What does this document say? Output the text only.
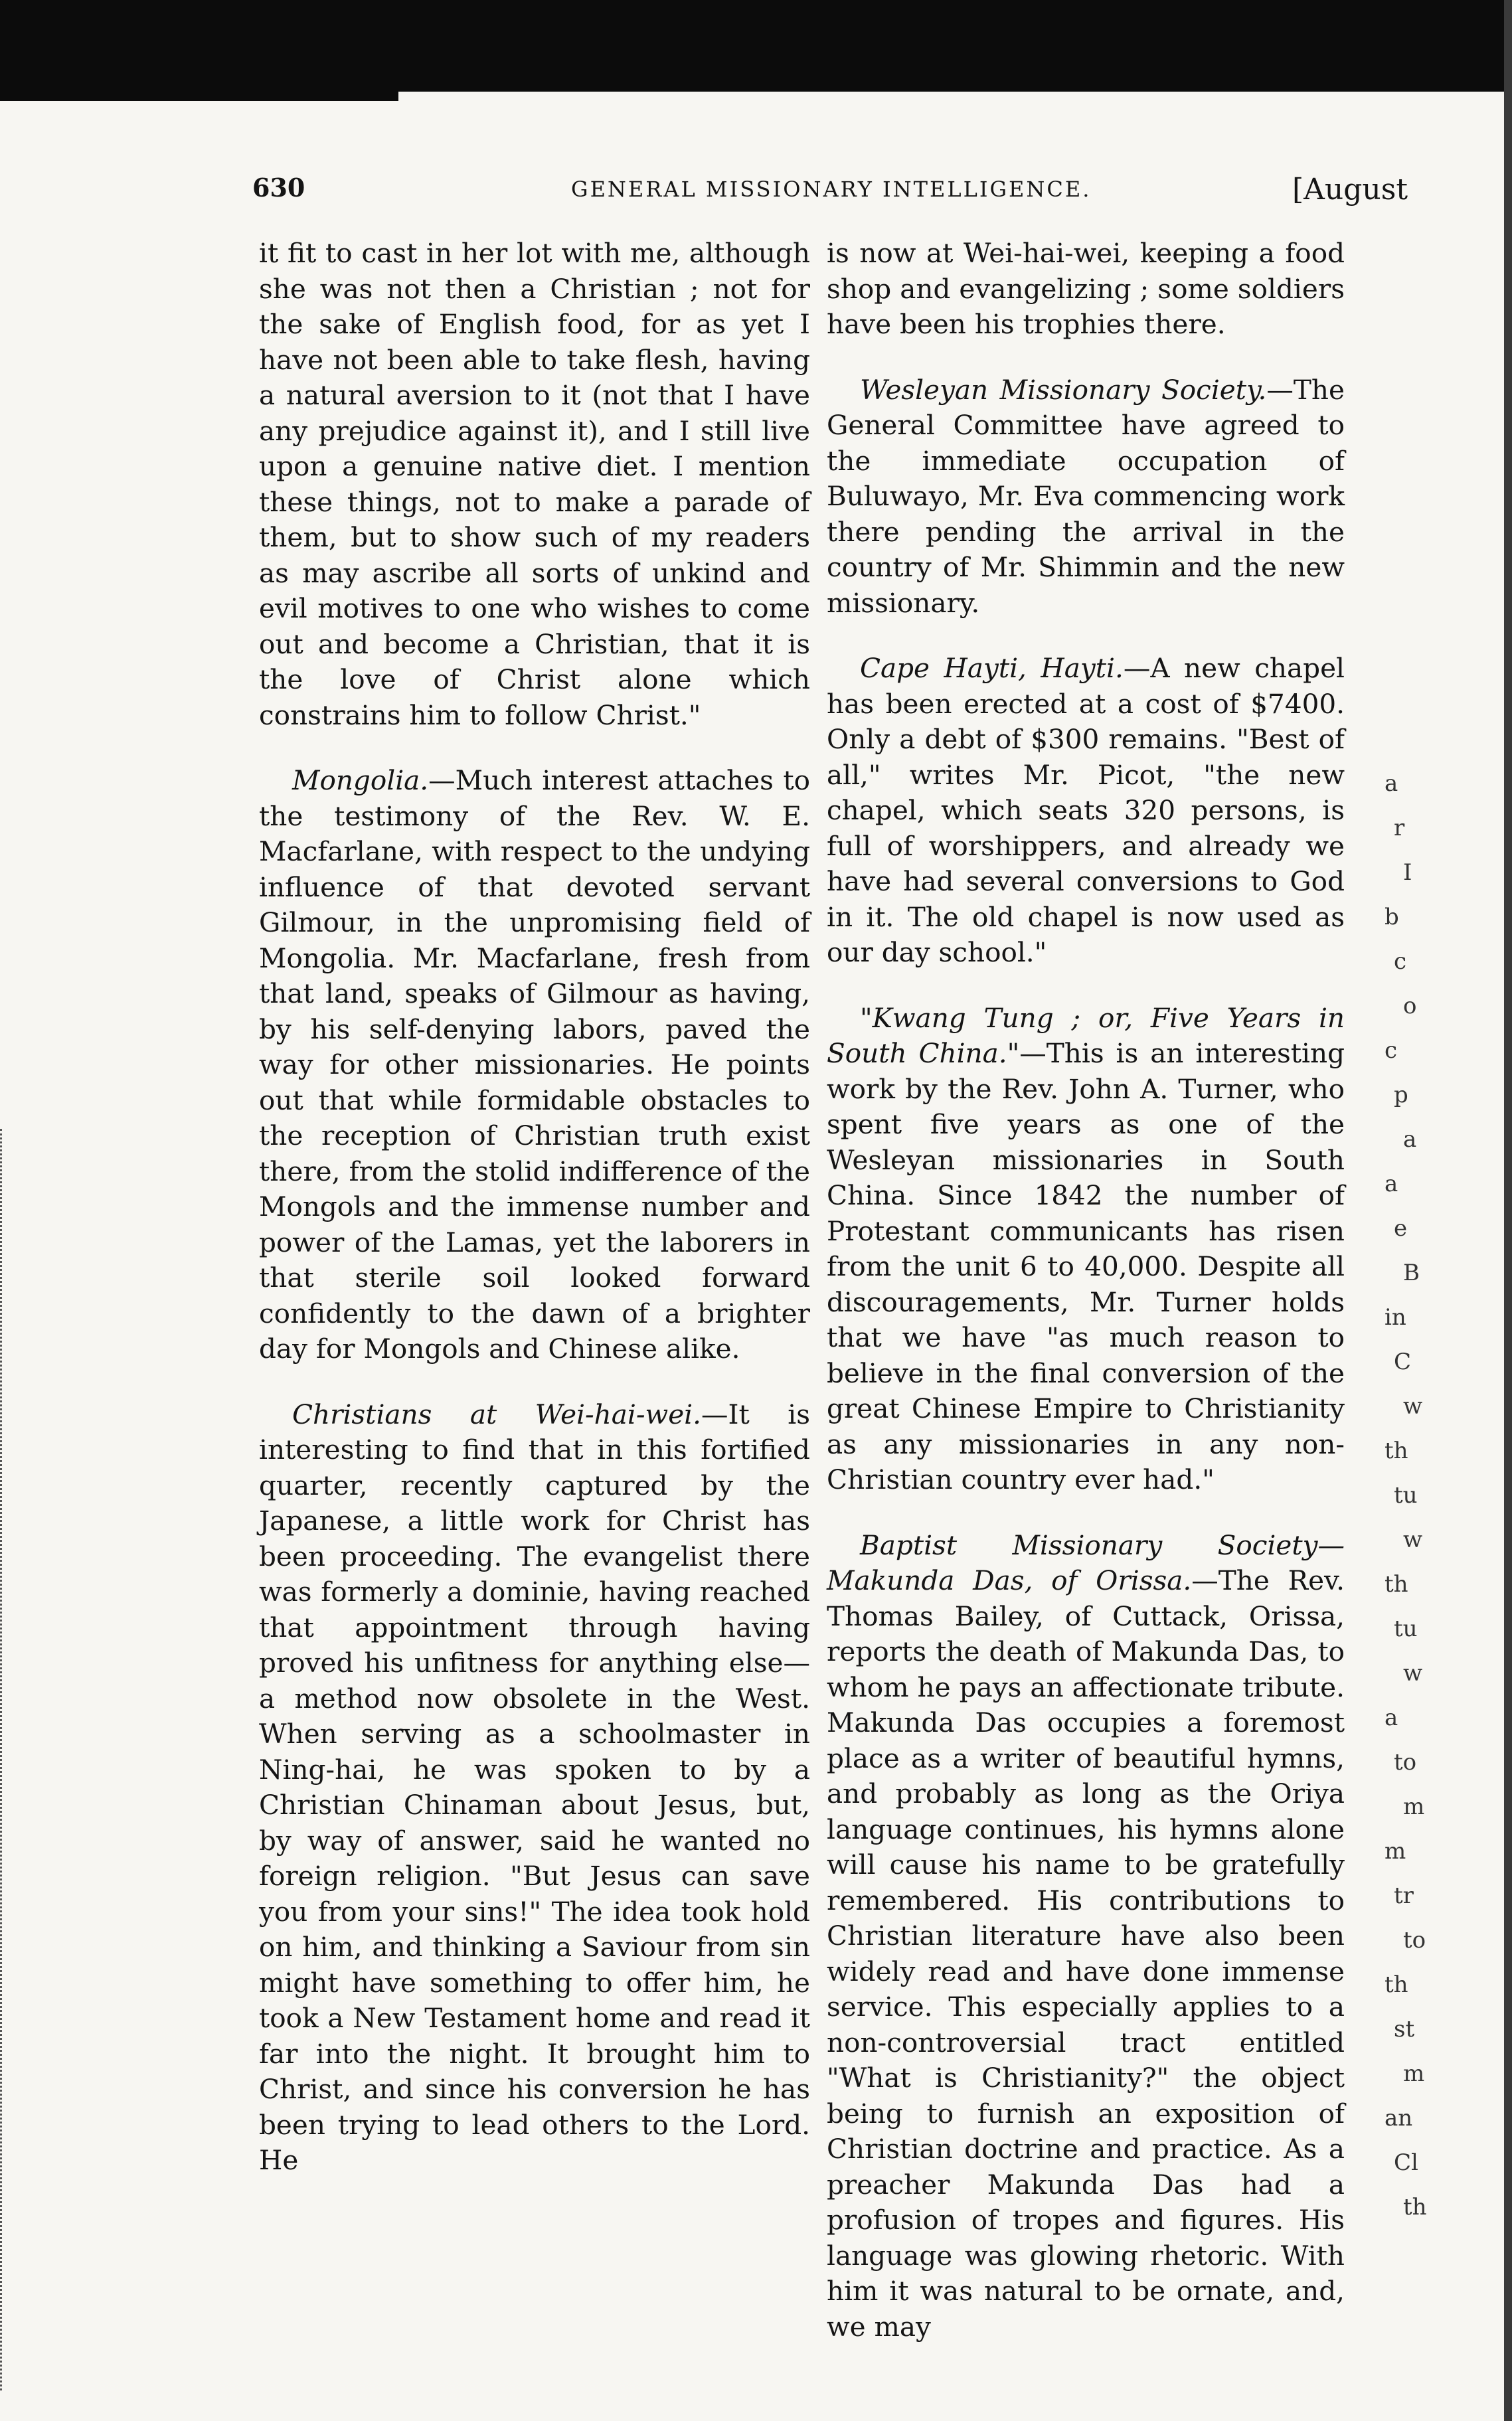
630	GENERAL MISSIONARY INTELLIGENCE.	[August

it fit to cast in her lot with me, although she was not then a Christian ; not for the sake of English food, for as yet I have not been able to take flesh, having a natural aversion to it (not that I have any prejudice against it), and I still live upon a genuine native diet. I mention these things, not to make a parade of them, but to show such of my readers as may ascribe all sorts of unkind and evil motives to one who wishes to come out and become a Christian, that it is the love of Christ alone which constrains him to follow Christ."

Mongolia.—Much interest attaches to the testimony of the Rev. W. E. Macfarlane, with respect to the undying influence of that devoted servant Gilmour, in the unpromising field of Mongolia. Mr. Macfarlane, fresh from that land, speaks of Gilmour as having, by his self-denying labors, paved the way for other missionaries. He points out that while formidable obstacles to the reception of Christian truth exist there, from the stolid indifference of the Mongols and the immense number and power of the Lamas, yet the laborers in that sterile soil looked forward confidently to the dawn of a brighter day for Mongols and Chinese alike.

Christians at Wei-hai-wei.—It is interesting to find that in this fortified quarter, recently captured by the Japanese, a little work for Christ has been proceeding. The evangelist there was formerly a dominie, having reached that appointment through having proved his unfitness for anything else—a method now obsolete in the West. When serving as a schoolmaster in Ning-hai, he was spoken to by a Christian Chinaman about Jesus, but, by way of answer, said he wanted no foreign religion. "But Jesus can save you from your sins!" The idea took hold on him, and thinking a Saviour from sin might have something to offer him, he took a New Testament home and read it far into the night. It brought him to Christ, and since his conversion he has been trying to lead others to the Lord. He

is now at Wei-hai-wei, keeping a food shop and evangelizing ; some soldiers have been his trophies there.

Wesleyan Missionary Society.—The General Committee have agreed to the immediate occupation of Buluwayo, Mr. Eva commencing work there pending the arrival in the country of Mr. Shimmin and the new missionary.

Cape Hayti, Hayti.—A new chapel has been erected at a cost of $7400. Only a debt of $300 remains. "Best of all," writes Mr. Picot, "the new chapel, which seats 320 persons, is full of worshippers, and already we have had several conversions to God in it. The old chapel is now used as our day school."

"Kwang Tung ; or, Five Years in South China."—This is an interesting work by the Rev. John A. Turner, who spent five years as one of the Wesleyan missionaries in South China. Since 1842 the number of Protestant communicants has risen from the unit 6 to 40,000. Despite all discouragements, Mr. Turner holds that we have "as much reason to believe in the final conversion of the great Chinese Empire to Christianity as any missionaries in any non-Christian country ever had."

Baptist Missionary Society—Makunda Das, of Orissa.—The Rev. Thomas Bailey, of Cuttack, Orissa, reports the death of Makunda Das, to whom he pays an affectionate tribute. Makunda Das occupies a foremost place as a writer of beautiful hymns, and probably as long as the Oriya language continues, his hymns alone will cause his name to be gratefully remembered. His contributions to Christian literature have also been widely read and have done immense service. This especially applies to a non-controversial tract entitled "What is Christianity?" the object being to furnish an exposition of Christian doctrine and practice. As a preacher Makunda Das had a profusion of tropes and figures. His language was glowing rhetoric. With him it was natural to be ornate, and, we may

a
r
I
b
c
o
c
p
a
a
e
B
in
C
w
th
tu
w
th
tu
w
a
to
m
m
tr
to
th
st
m
an
Cl
th
